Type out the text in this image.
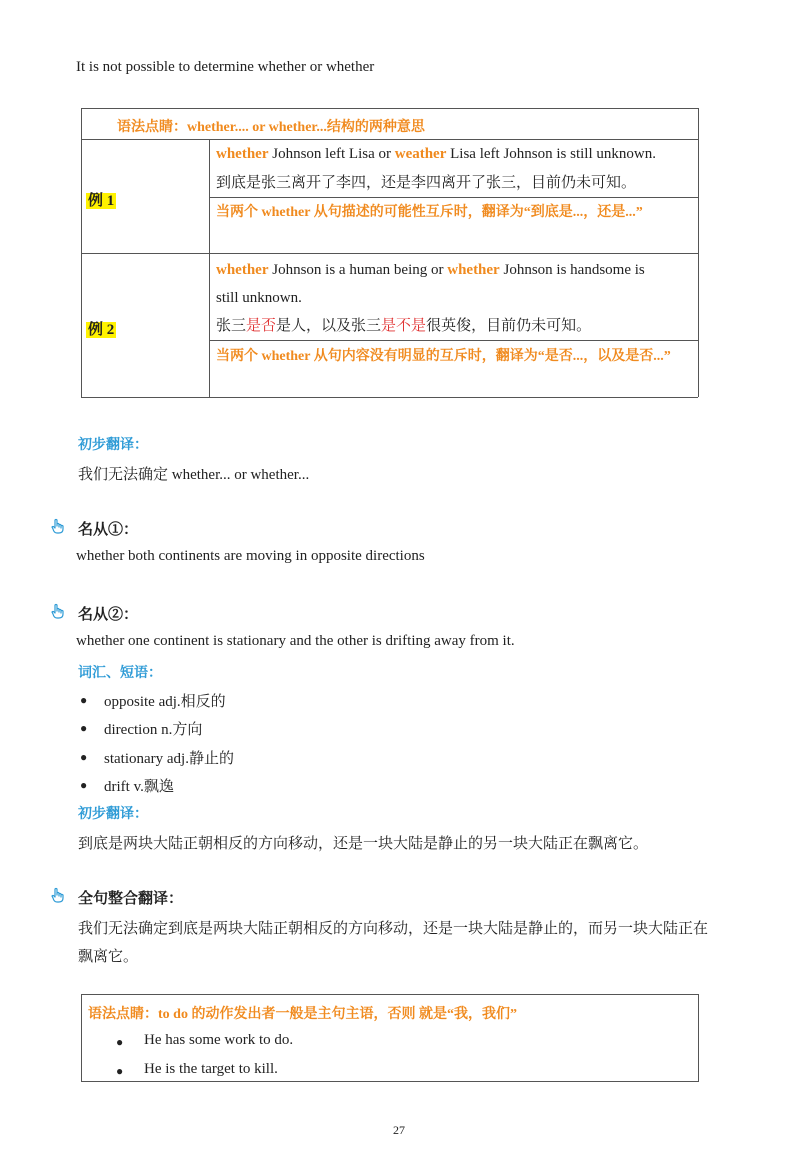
It is not possible to determine whether or whether
语法点睛：whether.... or whether...结构的两种意思
例 1
whether Johnson left Lisa or weather Lisa left Johnson is still unknown.
到底是张三离开了李四，还是李四离开了张三，目前仍未可知。
当两个 whether 从句描述的可能性互斥时，翻译为“到底是...，还是...”
例 2
whether Johnson is a human being or whether Johnson is handsome is
still unknown.
张三是否是人，以及张三是不是很英俊，目前仍未可知。
当两个 whether 从句内容没有明显的互斥时，翻译为“是否...，以及是否...”
初步翻译：
我们无法确定 whether... or whether...
名从①：
whether both continents are moving in opposite directions
名从②：
whether one continent is stationary and the other is drifting away from it.
词汇、短语：
● opposite adj.相反的
● direction n.方向
● stationary adj.静止的
● drift v.飘逸
初步翻译：
到底是两块大陆正朝相反的方向移动，还是一块大陆是静止的另一块大陆正在飘离它。
全句整合翻译：
我们无法确定到底是两块大陆正朝相反的方向移动，还是一块大陆是静止的，而另一块大陆正在
飘离它。
语法点睛：to do 的动作发出者一般是主句主语，否则 就是“我，我们”
● He has some work to do.
● He is the target to kill.
27
